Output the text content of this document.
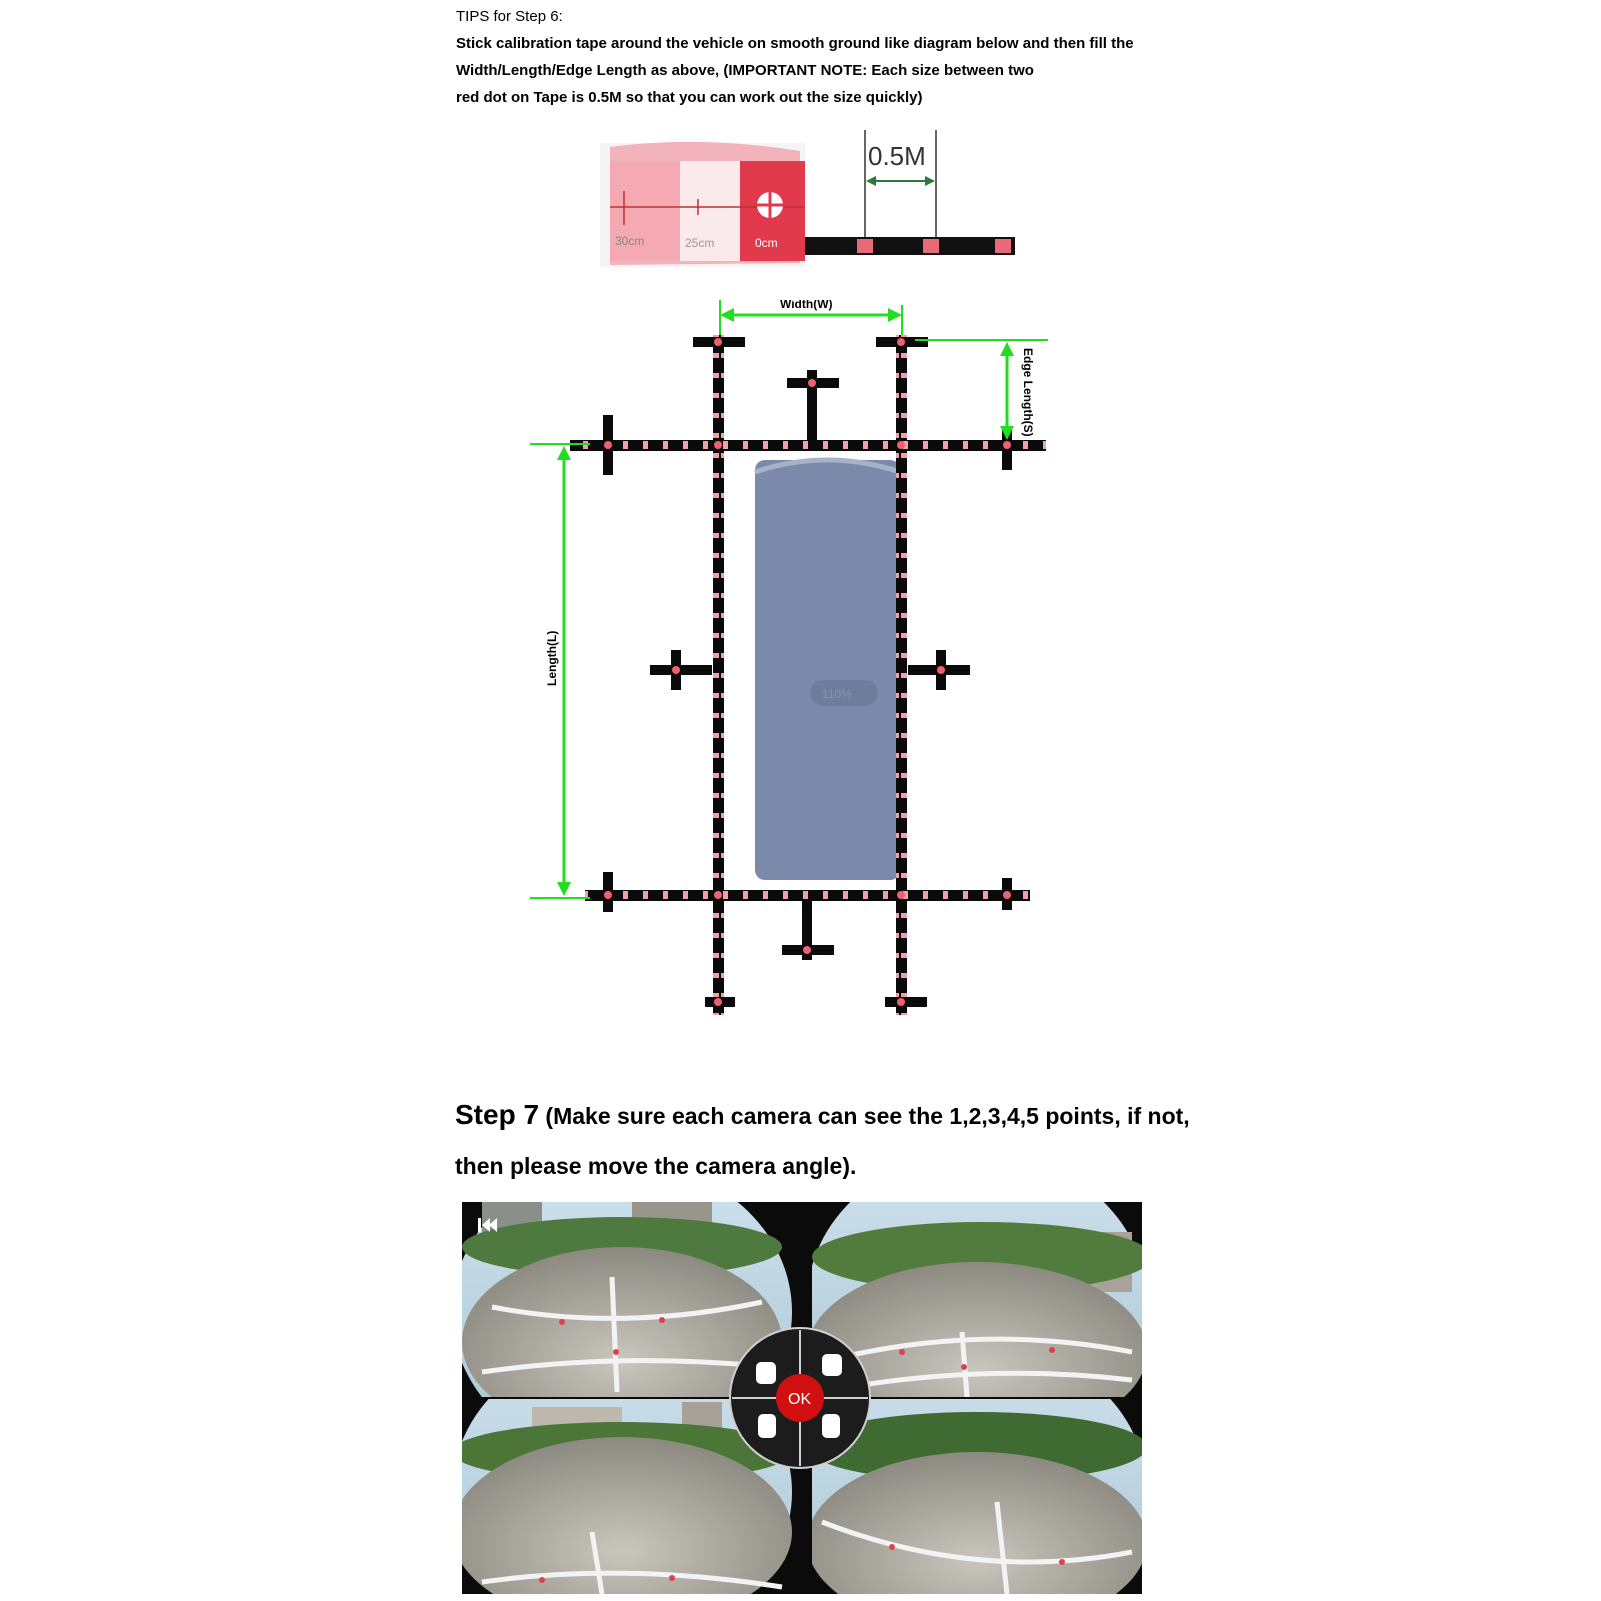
TIPS for Step 6:
Stick calibration tape around the vehicle on smooth ground like diagram below and then fill the
Width/Length/Edge Length as above, (IMPORTANT NOTE: Each size between two
red dot on Tape is 0.5M so that you can work out the size quickly)
30cm	25cm	0cm
0.5M
110%
Width(W)
Edge Length(S)
Length(L)
Step 7 (Make sure each camera can see the 1,2,3,4,5 points, if not,
then please move the camera angle).
OK
